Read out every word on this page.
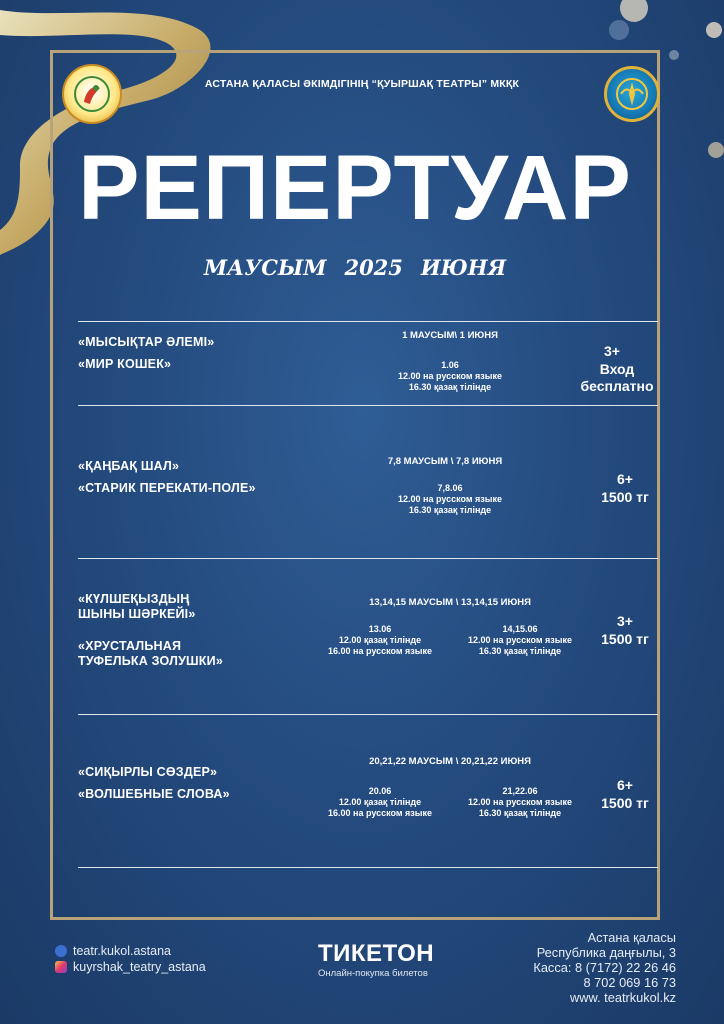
АСТАНА ҚАЛАСЫ ӘКІМДІГІНІҢ “ҚУЫРШАҚ ТЕАТРЫ” МКҚК
РЕПЕРТУАР
МАУСЫМ 2025 ИЮНЯ
«МЫСЫҚТАР ӘЛЕМІ»
«МИР КОШЕК»
1 МАУСЫМ\ 1 ИЮНЯ
1.06
12.00 на русском языке
16.30 қазақ тілінде
3+
Вход
бесплатно
«ҚАҢБАҚ ШАЛ»
«СТАРИК ПЕРЕКАТИ-ПОЛЕ»
7,8 МАУСЫМ \ 7,8 ИЮНЯ
7,8.06
12.00 на русском языке
16.30 қазақ тілінде
6+
1500 тг
«КҮЛШЕҚЫЗДЫҢ
ШЫНЫ ШӘРКЕЙІ»
«ХРУСТАЛЬНАЯ
ТУФЕЛЬКА ЗОЛУШКИ»
13,14,15 МАУСЫМ \ 13,14,15 ИЮНЯ
13.06
12.00 қазақ тілінде
16.00 на русском языке
14,15.06
12.00 на русском языке
16.30 қазақ тілінде
3+
1500 тг
«СИҚЫРЛЫ СӨЗДЕР»
«ВОЛШЕБНЫЕ СЛОВА»
20,21,22 МАУСЫМ \ 20,21,22 ИЮНЯ
20.06
12.00 қазақ тілінде
16.00 на русском языке
21,22.06
12.00 на русском языке
16.30 қазақ тілінде
6+
1500 тг
teatr.kukol.astana
kuyrshak_teatry_astana	ТИКЕТОН
Онлайн-покупка билетов
Астана қаласы
Республика даңғылы, 3
Касса: 8 (7172) 22 26 46
8 702 069 16 73
www. teatrkukol.kz
